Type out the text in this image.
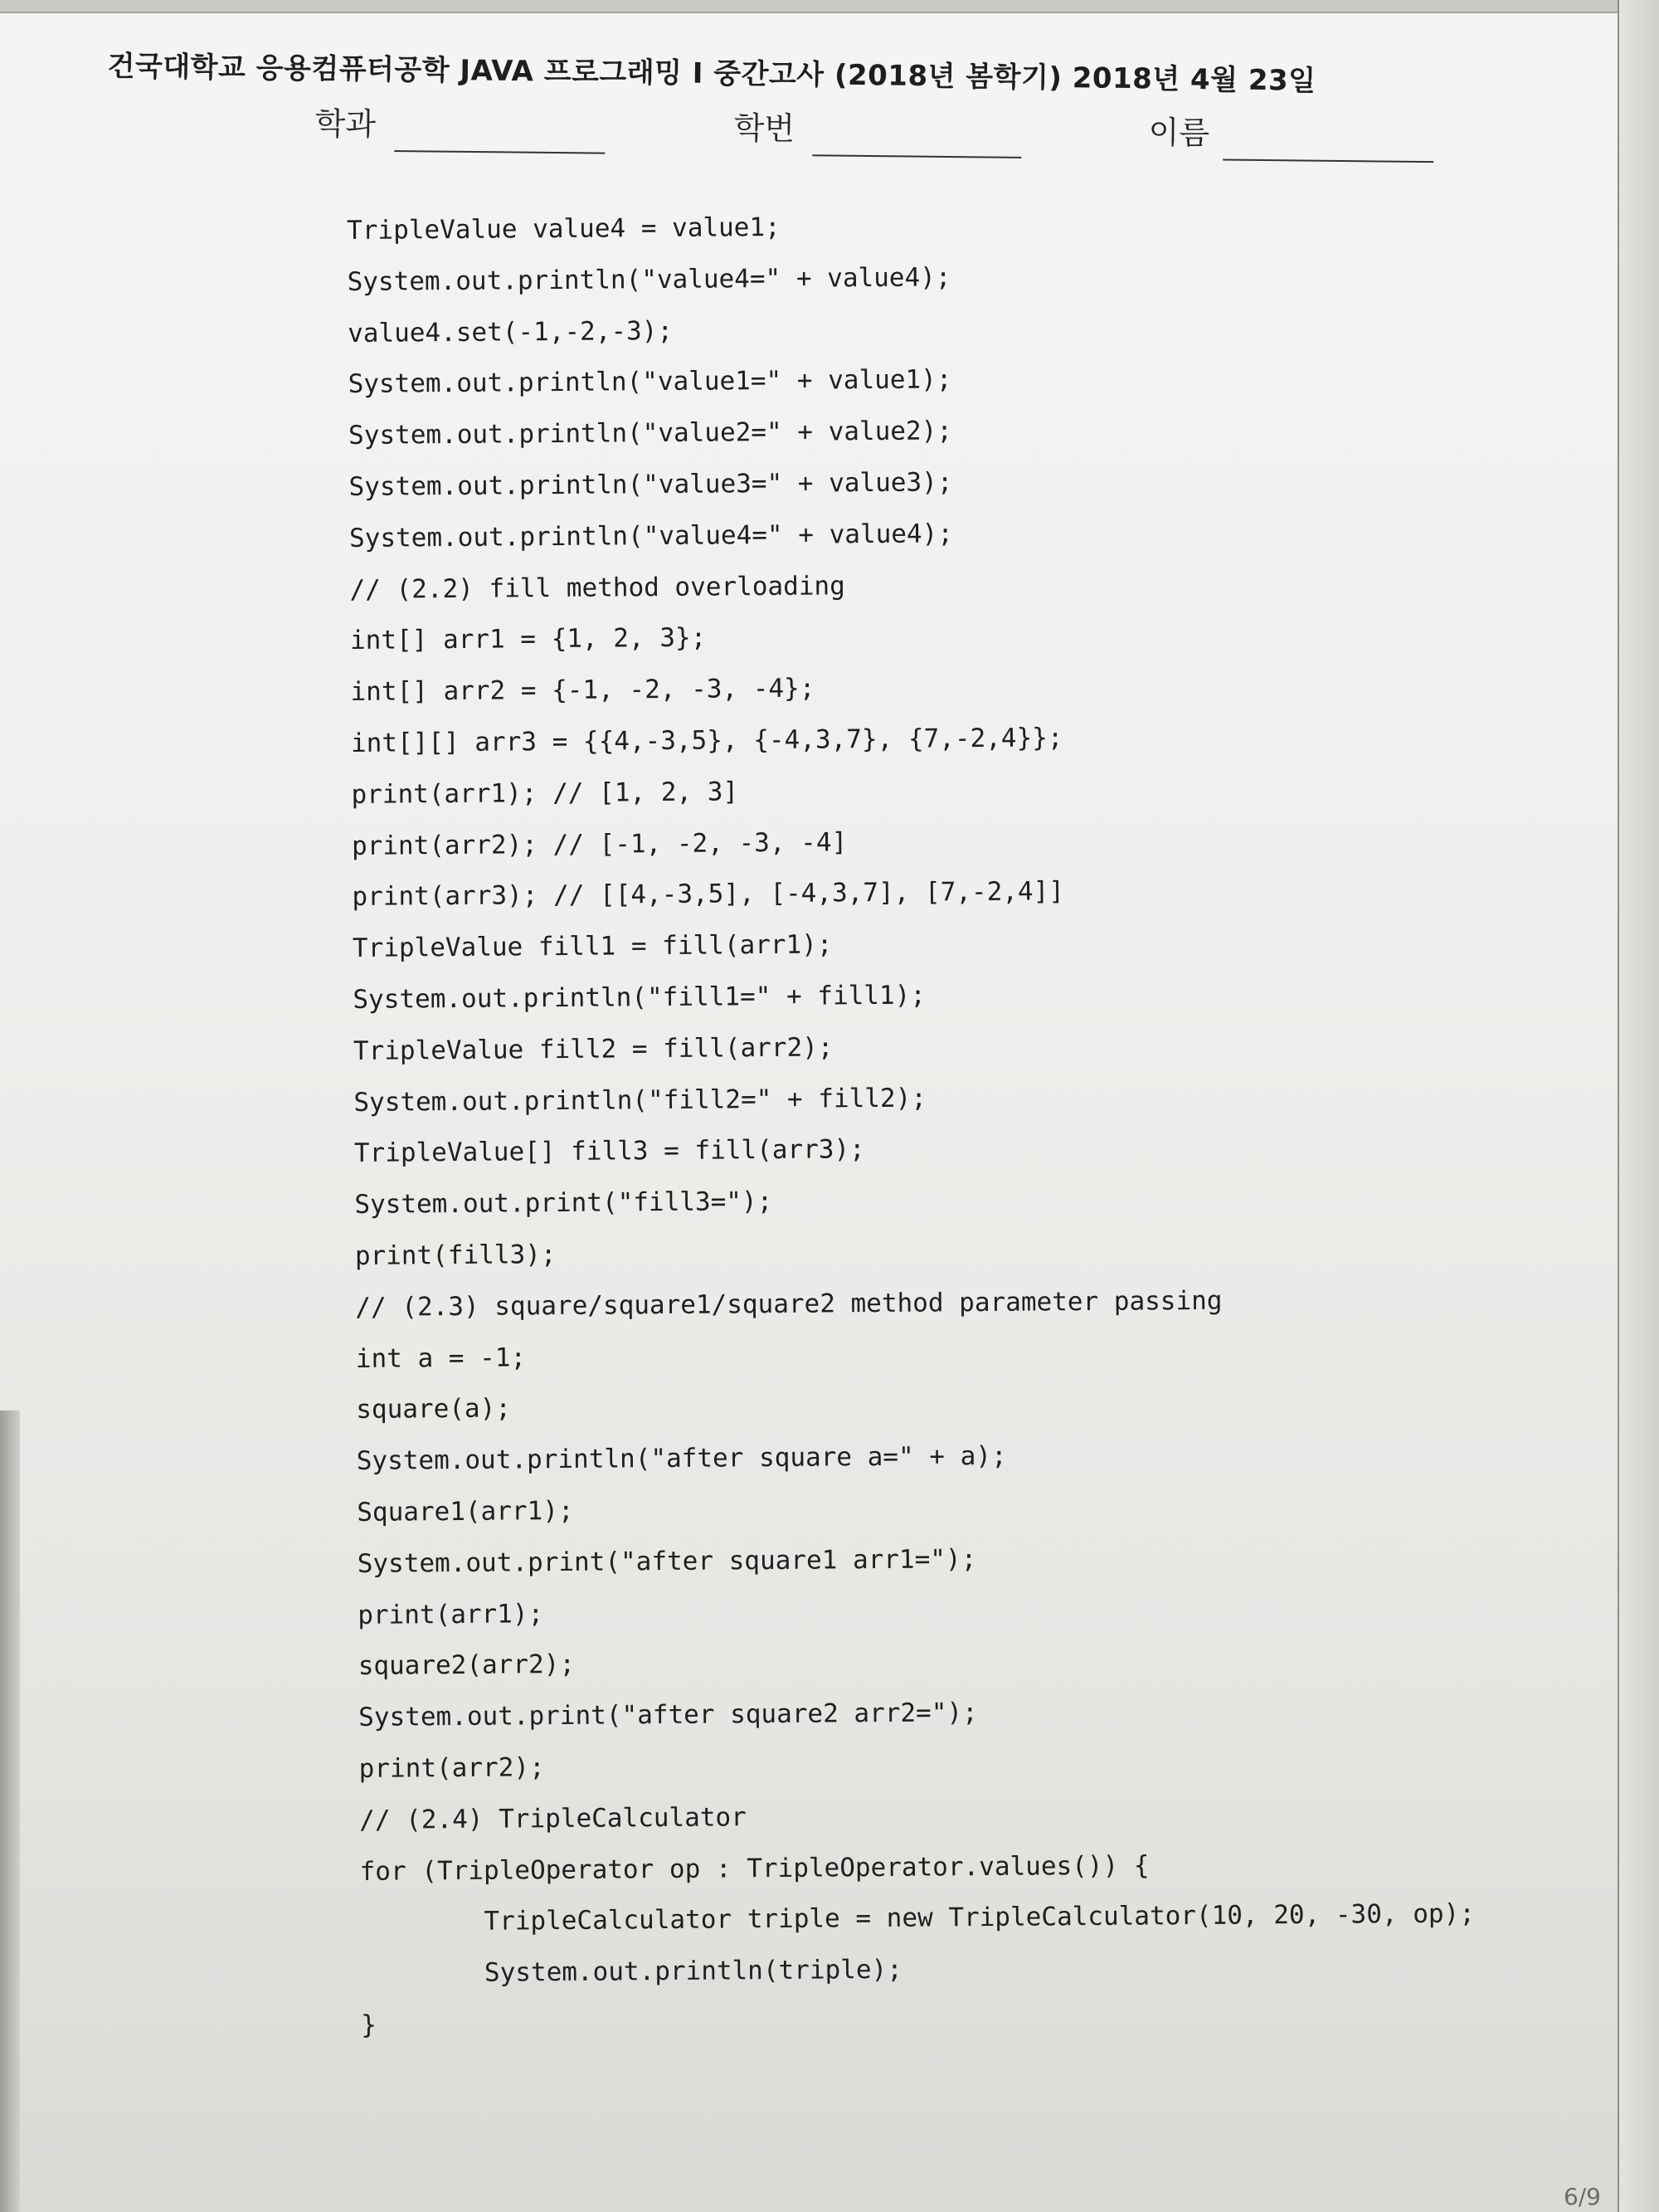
건국대학교 응용컴퓨터공학 JAVA 프로그래밍 I 중간고사 (2018년 봄학기) 2018년 4월 23일
학과	학번	이름
TripleValue value4 = value1;
System.out.println("value4=" + value4);
value4.set(-1,-2,-3);
System.out.println("value1=" + value1);
System.out.println("value2=" + value2);
System.out.println("value3=" + value3);
System.out.println("value4=" + value4);
// (2.2) fill method overloading
int[] arr1 = {1, 2, 3};
int[] arr2 = {-1, -2, -3, -4};
int[][] arr3 = {{4,-3,5}, {-4,3,7}, {7,-2,4}};
print(arr1); // [1, 2, 3]
print(arr2); // [-1, -2, -3, -4]
print(arr3); // [[4,-3,5], [-4,3,7], [7,-2,4]]
TripleValue fill1 = fill(arr1);
System.out.println("fill1=" + fill1);
TripleValue fill2 = fill(arr2);
System.out.println("fill2=" + fill2);
TripleValue[] fill3 = fill(arr3);
System.out.print("fill3=");
print(fill3);
// (2.3) square/square1/square2 method parameter passing
int a = -1;
square(a);
System.out.println("after square a=" + a);
Square1(arr1);
System.out.print("after square1 arr1=");
print(arr1);
square2(arr2);
System.out.print("after square2 arr2=");
print(arr2);
// (2.4) TripleCalculator
for (TripleOperator op : TripleOperator.values()) {
TripleCalculator triple = new TripleCalculator(10, 20, -30, op);
System.out.println(triple);
}
6/9
